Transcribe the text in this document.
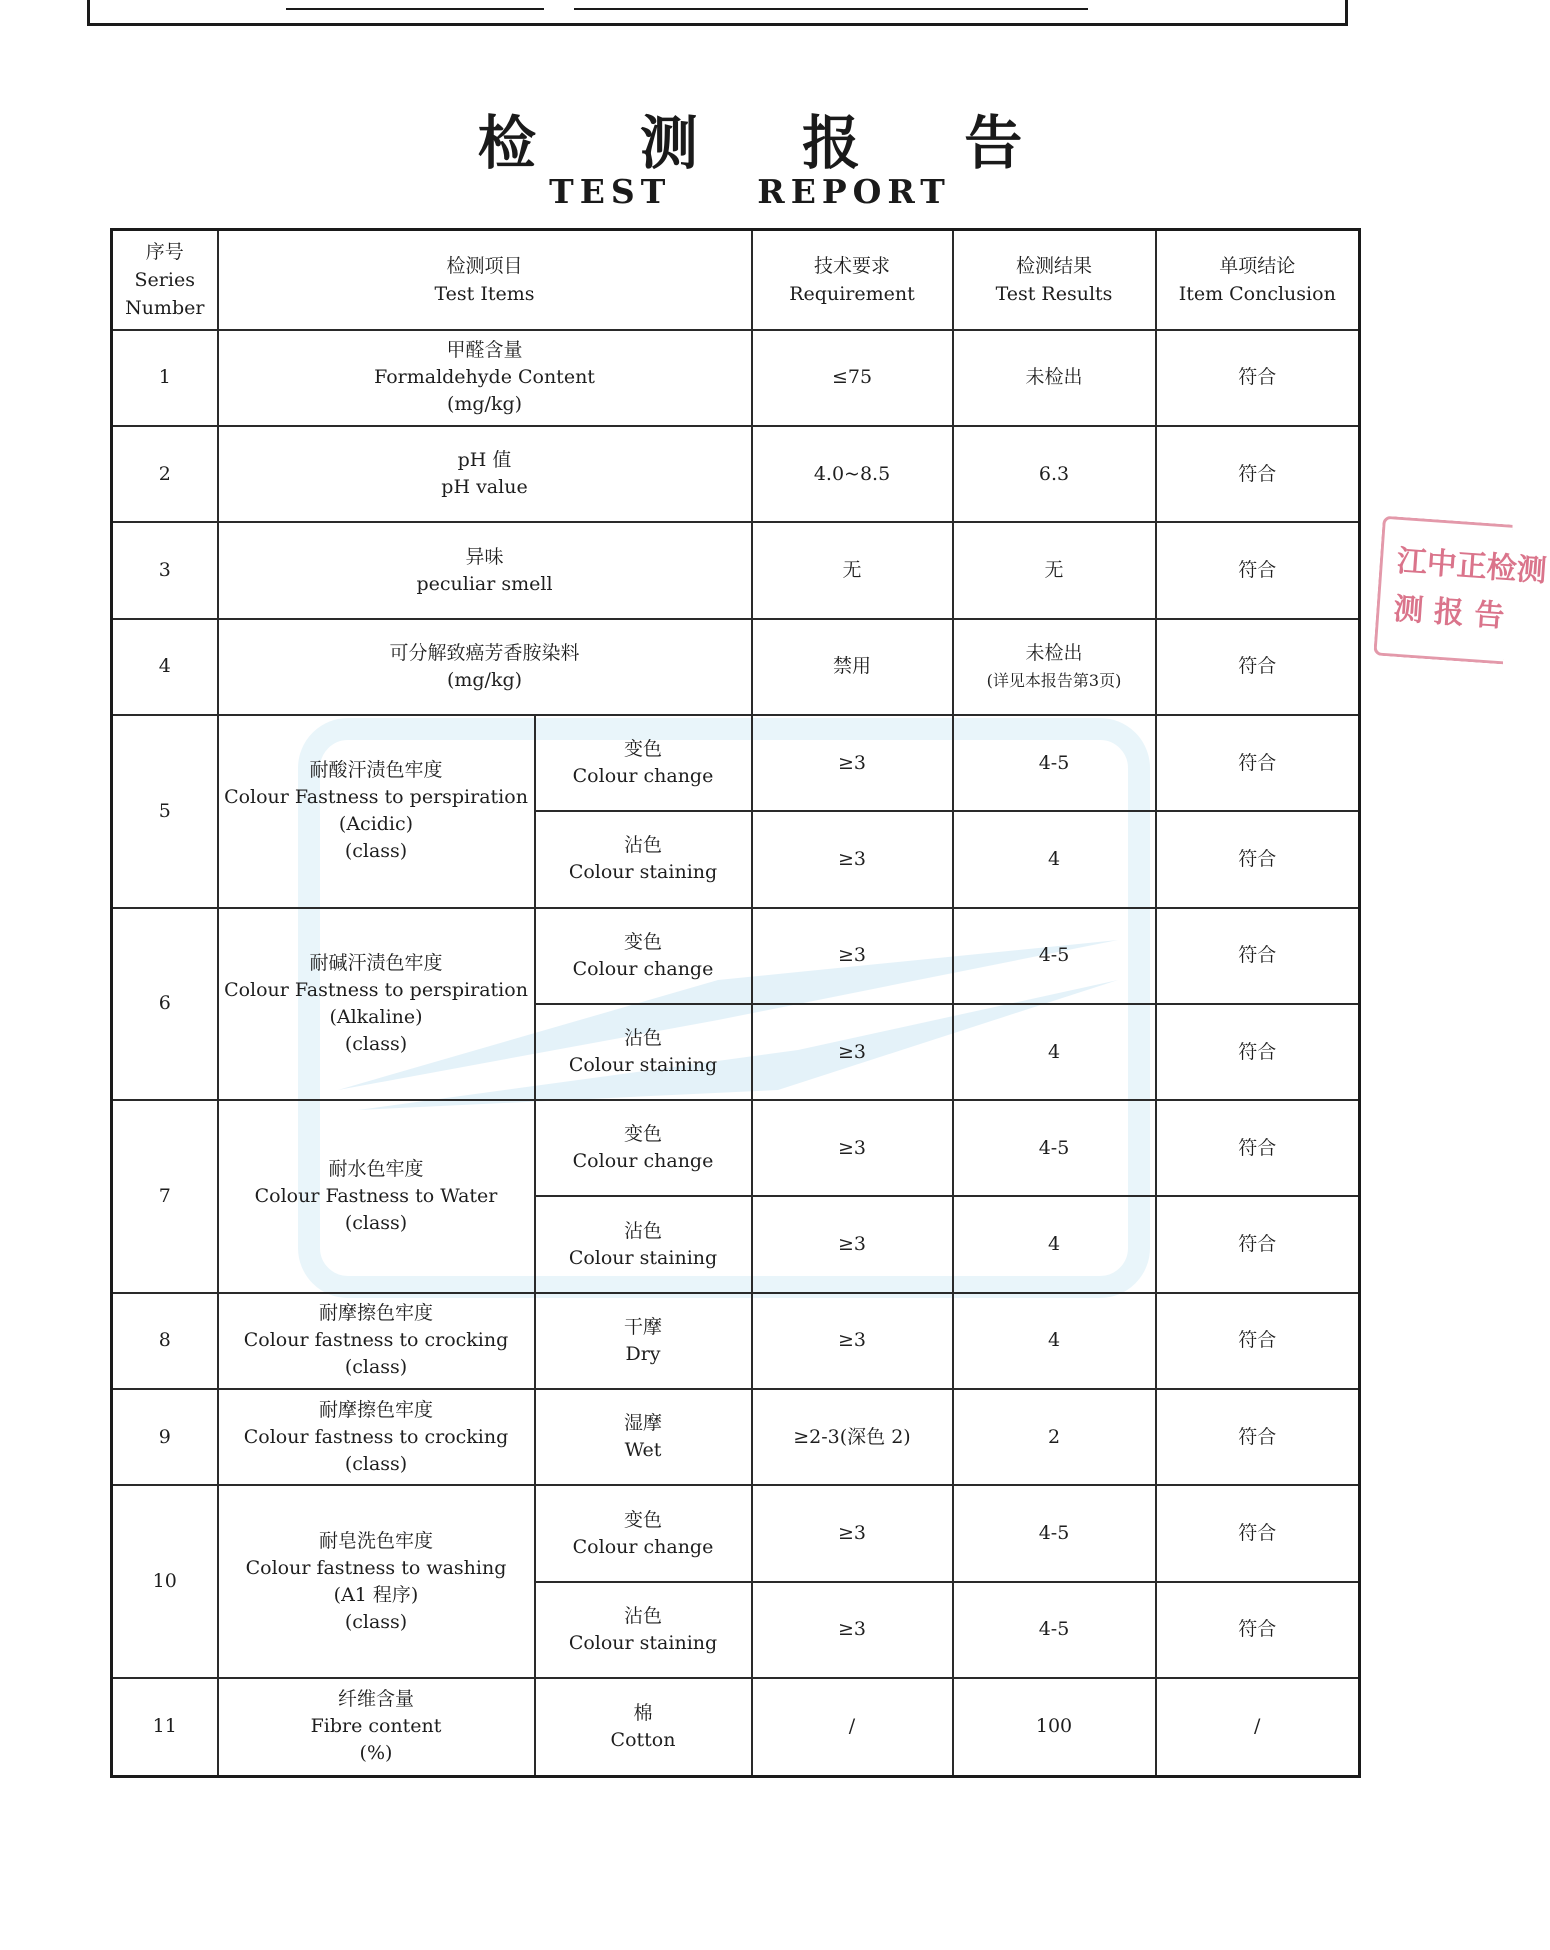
检 测 报 告
TEST	REPORT
江中正检测
测 报 告
序号
Series
Number	检测项目
Test Items		技术要求
Requirement	检测结果
Test Results	单项结论
Item Conclusion

1	甲醛含量
Formaldehyde Content
(mg/kg)		≤75	未检出	符合
2	pH 值
pH value		4.0~8.5	6.3	符合
3	异味
peculiar smell		无	无	符合
4	可分解致癌芳香胺染料
(mg/kg)		禁用	未检出
(详见本报告第3页)	符合
5	耐酸汗渍色牢度
Colour Fastness to perspiration
(Acidic)
(class)	变色
Colour change	≥3	4-5	符合

		沾色
Colour staining	≥3	4	符合
6	耐碱汗渍色牢度
Colour Fastness to perspiration
(Alkaline)
(class)	变色
Colour change	≥3	4-5	符合

		沾色
Colour staining	≥3	4	符合
7	耐水色牢度
Colour Fastness to Water
(class)	变色
Colour change	≥3	4-5	符合

		沾色
Colour staining	≥3	4	符合
8	耐摩擦色牢度
Colour fastness to crocking
(class)	干摩
Dry	≥3	4	符合
9	耐摩擦色牢度
Colour fastness to crocking
(class)	湿摩
Wet	≥2-3(深色 2)	2	符合
10	耐皂洗色牢度
Colour fastness to washing
(A1 程序)
(class)	变色
Colour change	≥3	4-5	符合

		沾色
Colour staining	≥3	4-5	符合
11	纤维含量
Fibre content
(%)	棉
Cotton	/	100	/
